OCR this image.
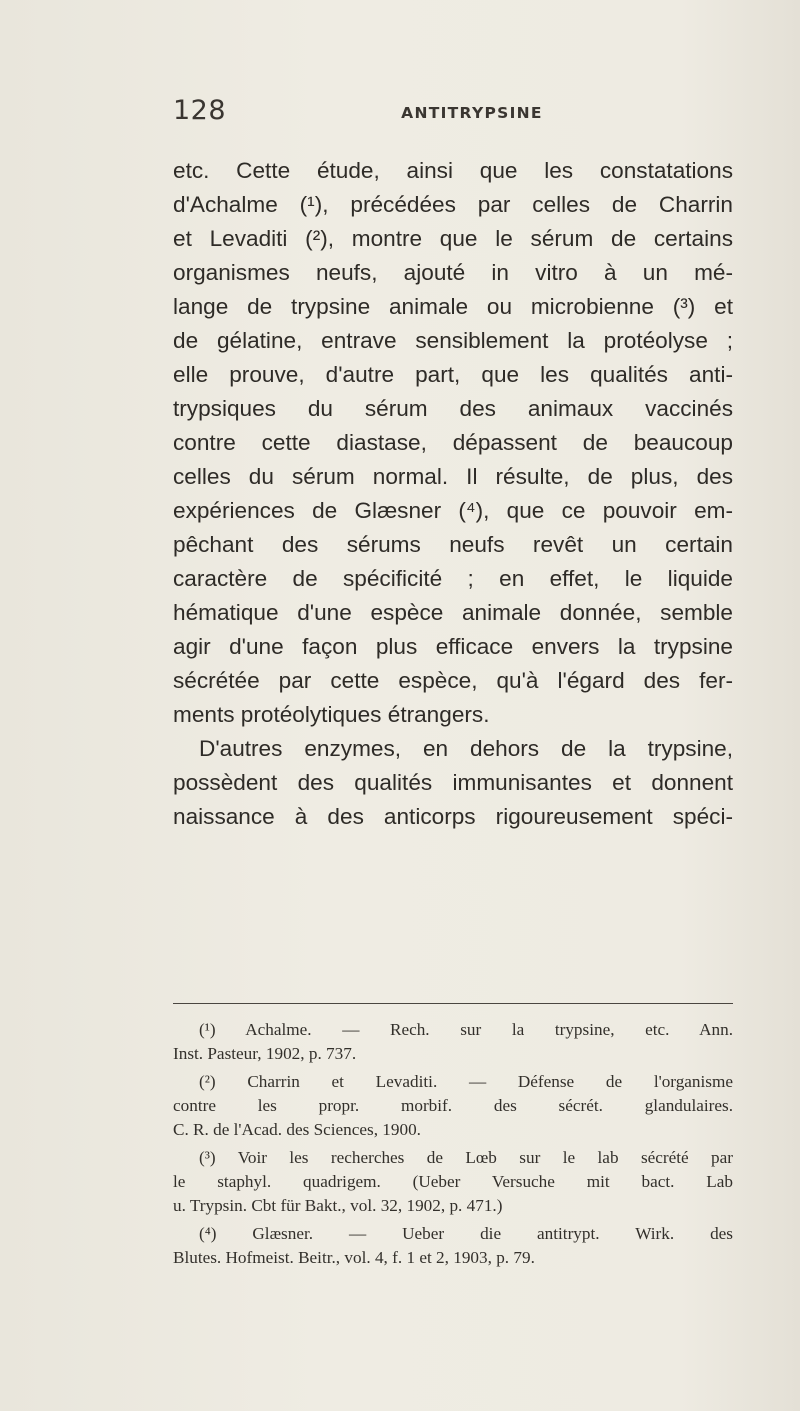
128	ANTITRYPSINE
etc. Cette étude, ainsi que les constatations
d'Achalme (¹), précédées par celles de Charrin
et Levaditi (²), montre que le sérum de certains
organismes neufs, ajouté in vitro à un mé-
lange de trypsine animale ou microbienne (³) et
de gélatine, entrave sensiblement la protéolyse ;
elle prouve, d'autre part, que les qualités anti-
trypsiques du sérum des animaux vaccinés
contre cette diastase, dépassent de beaucoup
celles du sérum normal. Il résulte, de plus, des
expériences de Glæsner (⁴), que ce pouvoir em-
pêchant des sérums neufs revêt un certain
caractère de spécificité ; en effet, le liquide
hématique d'une espèce animale donnée, semble
agir d'une façon plus efficace envers la trypsine
sécrétée par cette espèce, qu'à l'égard des fer-
ments protéolytiques étrangers.
D'autres enzymes, en dehors de la trypsine,
possèdent des qualités immunisantes et donnent
naissance à des anticorps rigoureusement spéci-
(¹) Achalme. — Rech. sur la trypsine, etc. Ann.
Inst. Pasteur, 1902, p. 737.
(²) Charrin et Levaditi. — Défense de l'organisme
contre les propr. morbif. des sécrét. glandulaires.
C. R. de l'Acad. des Sciences, 1900.
(³) Voir les recherches de Lœb sur le lab sécrété par
le staphyl. quadrigem. (Ueber Versuche mit bact. Lab
u. Trypsin. Cbt für Bakt., vol. 32, 1902, p. 471.)
(⁴) Glæsner. — Ueber die antitrypt. Wirk. des
Blutes. Hofmeist. Beitr., vol. 4, f. 1 et 2, 1903, p. 79.
